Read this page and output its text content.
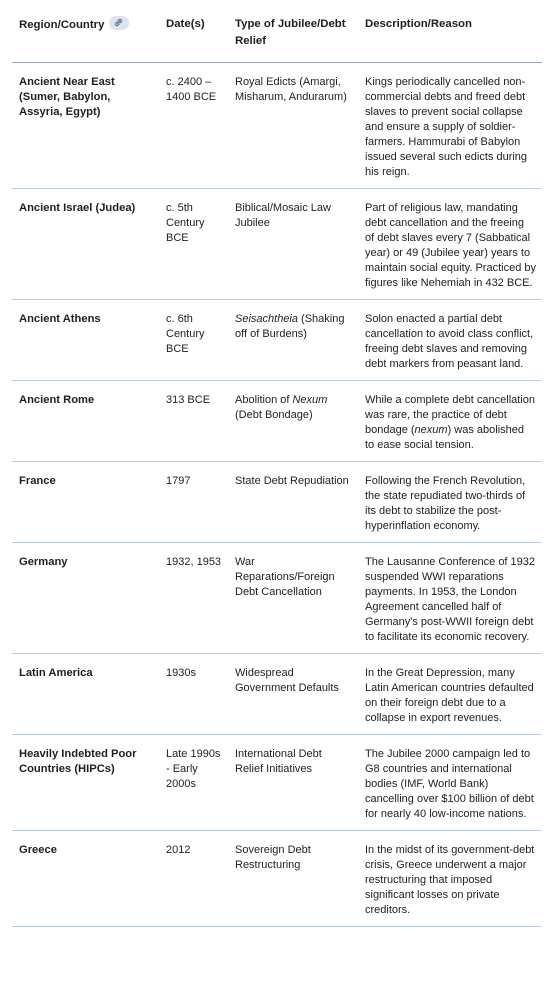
Region/Country	Date(s)	Type of Jubilee/Debt Relief	Description/Reason
Ancient Near East (Sumer, Babylon, Assyria, Egypt)	c. 2400 – 1400 BCE	Royal Edicts (Amargi, Misharum, Andurarum)	Kings periodically cancelled non-commercial debts and freed debt slaves to prevent social collapse and ensure a supply of soldier-farmers. Hammurabi of Babylon issued several such edicts during his reign.
Ancient Israel (Judea)	c. 5th Century BCE	Biblical/Mosaic Law Jubilee	Part of religious law, mandating debt cancellation and the freeing of debt slaves every 7 (Sabbatical year) or 49 (Jubilee year) years to maintain social equity. Practiced by figures like Nehemiah in 432 BCE.
Ancient Athens	c. 6th Century BCE	Seisachtheia (Shaking off of Burdens)	Solon enacted a partial debt cancellation to avoid class conflict, freeing debt slaves and removing debt markers from peasant land.
Ancient Rome	313 BCE	Abolition of Nexum (Debt Bondage)	While a complete debt cancellation was rare, the practice of debt bondage (nexum) was abolished to ease social tension.
France	1797	State Debt Repudiation	Following the French Revolution, the state repudiated two-thirds of its debt to stabilize the post-hyperinflation economy.
Germany	1932, 1953	War Reparations/Foreign Debt Cancellation	The Lausanne Conference of 1932 suspended WWI reparations payments. In 1953, the London Agreement cancelled half of Germany's post-WWII foreign debt to facilitate its economic recovery.
Latin America	1930s	Widespread Government Defaults	In the Great Depression, many Latin American countries defaulted on their foreign debt due to a collapse in export revenues.
Heavily Indebted Poor Countries (HIPCs)	Late 1990s - Early 2000s	International Debt Relief Initiatives	The Jubilee 2000 campaign led to G8 countries and international bodies (IMF, World Bank) cancelling over $100 billion of debt for nearly 40 low-income nations.
Greece	2012	Sovereign Debt Restructuring	In the midst of its government-debt crisis, Greece underwent a major restructuring that imposed significant losses on private creditors.
